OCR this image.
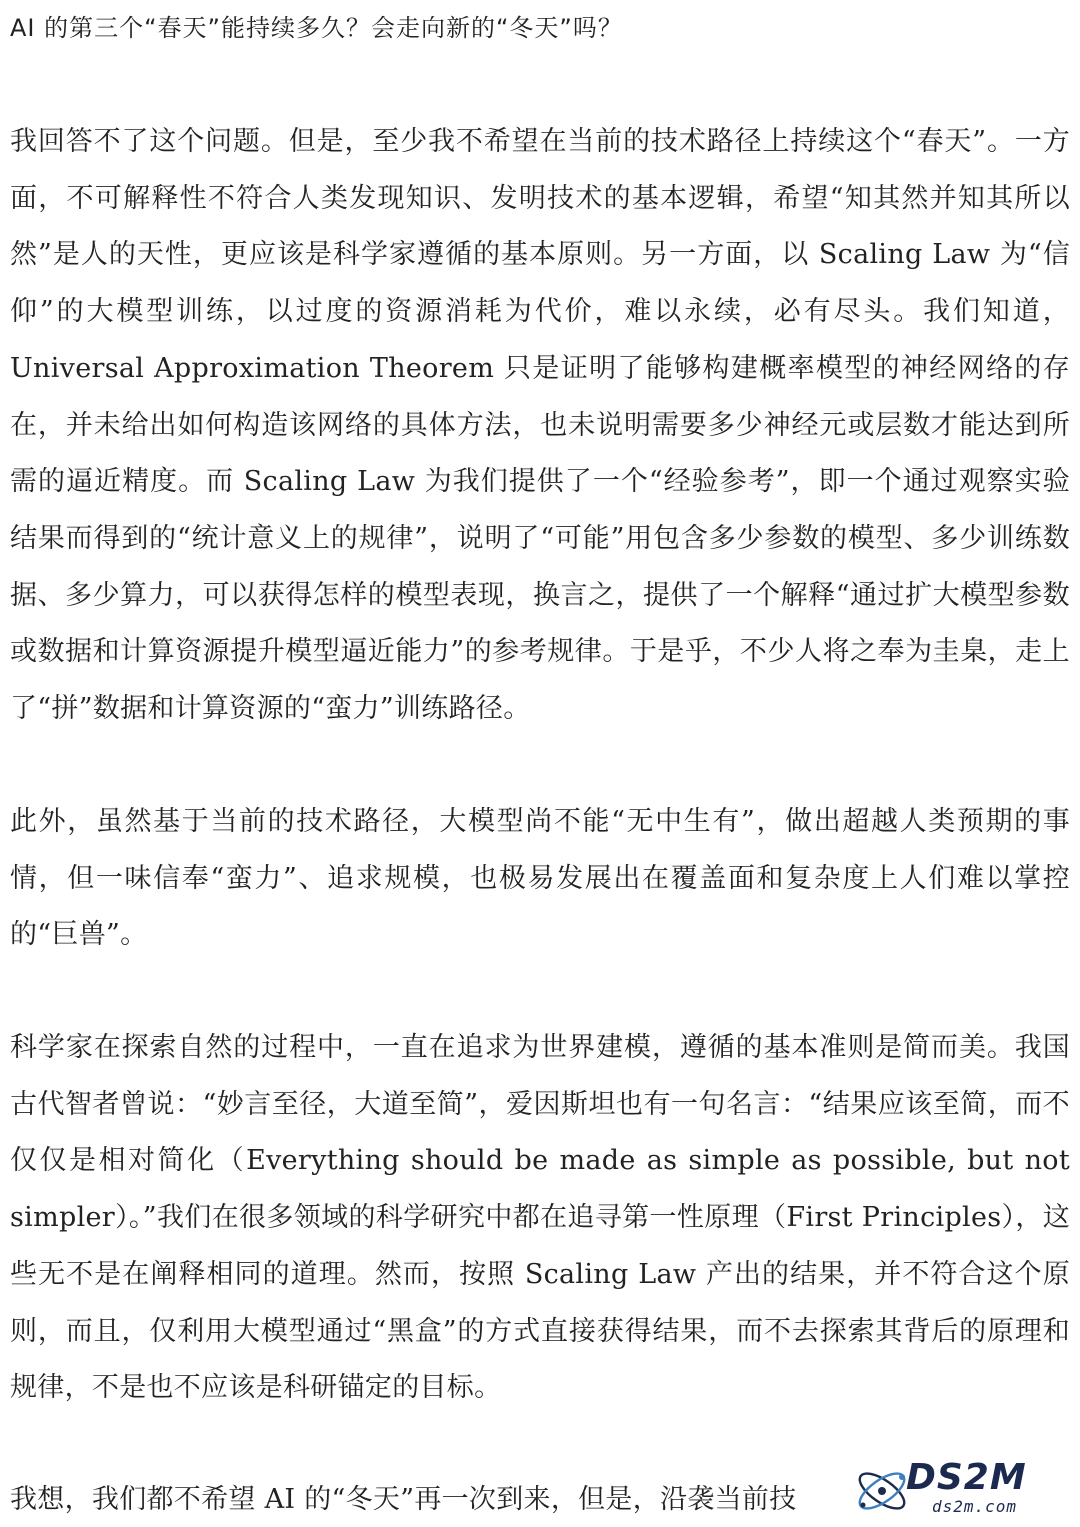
AI 的第三个“春天”能持续多久？会走向新的“冬天”吗？

我回答不了这个问题。但是，至少我不希望在当前的技术路径上持续这个“春天”。一方面，不可解释性不符合人类发现知识、发明技术的基本逻辑，希望“知其然并知其所以然”是人的天性，更应该是科学家遵循的基本原则。另一方面，以 Scaling Law 为“信仰”的大模型训练，以过度的资源消耗为代价，难以永续，必有尽头。我们知道，Universal Approximation Theorem 只是证明了能够构建概率模型的神经网络的存在，并未给出如何构造该网络的具体方法，也未说明需要多少神经元或层数才能达到所需的逼近精度。而 Scaling Law 为我们提供了一个“经验参考”，即一个通过观察实验结果而得到的“统计意义上的规律”，说明了“可能”用包含多少参数的模型、多少训练数据、多少算力，可以获得怎样的模型表现，换言之，提供了一个解释“通过扩大模型参数或数据和计算资源提升模型逼近能力”的参考规律。于是乎，不少人将之奉为圭臬，走上了“拼”数据和计算资源的“蛮力”训练路径。

此外，虽然基于当前的技术路径，大模型尚不能“无中生有”，做出超越人类预期的事情，但一味信奉“蛮力”、追求规模，也极易发展出在覆盖面和复杂度上人们难以掌控的“巨兽”。

科学家在探索自然的过程中，一直在追求为世界建模，遵循的基本准则是简而美。我国古代智者曾说：“妙言至径，大道至简”，爱因斯坦也有一句名言：“结果应该至简，而不仅仅是相对简化（Everything should be made as simple as possible, but not simpler）。”我们在很多领域的科学研究中都在追寻第一性原理（First Principles），这些无不是在阐释相同的道理。然而，按照 Scaling Law 产出的结果，并不符合这个原则，而且，仅利用大模型通过“黑盒”的方式直接获得结果，而不去探索其背后的原理和规律，不是也不应该是科研锚定的目标。

我想，我们都不希望 AI 的“冬天”再一次到来，但是，沿袭当前技

DS2M
ds2m.com
